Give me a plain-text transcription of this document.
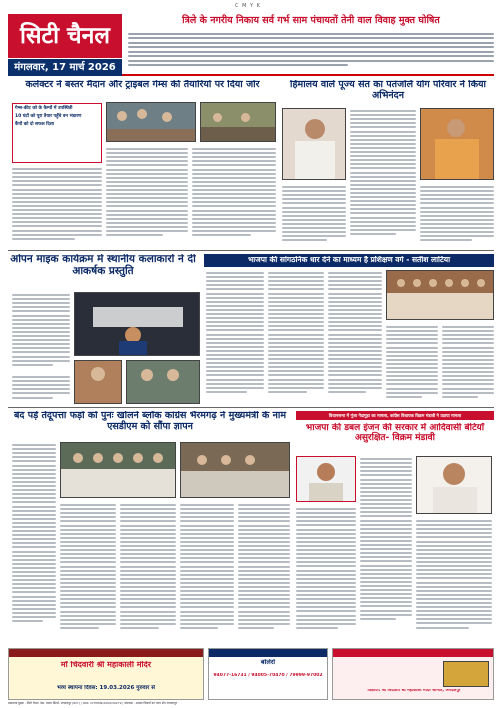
C M Y K
सिटी चैनल
मंगलवार, 17 मार्च 2026
त्रिले के नगरीय निकाय सर्व गर्भ साम पंचायतों तेनी वाल विवाह मुक्त घोषित
कलेक्टर ने बस्तर मैदान और ट्राइबल गेम्स की तैयारियों पर दिया जोर	हिमालय वाले पूज्य संत का पतंजलि योग परिवार ने किया अभिनंदन
गेम्स-कीट को के कैम्पों में उपस्थिती
10 घंटों को पूरा तैयार पहुँचे वन भंडारण
कैंपों को दो सफल दिशा
ओपन माइक कार्यक्रम में स्थानीय कलाकारों ने दी आकर्षक प्रस्तुति
भाजपा की सांगठनिक धार देने का माध्यम है प्रशिक्षण वर्ग - सतीश लाटिया
बंद पड़े तेंदूपत्ता फड़ों को पुनः खोलने ब्लॉक कांग्रेस भैरमगढ़ ने मुख्यमंत्री के नाम एसडीएम को सौंपा ज्ञापन
विधानसभा में गूंजा गेदा‌गुड़ा का मामला, कांग्रेस विधायक विक्रम मंडावी ने उठाया मामला
भाजपा की डबल इंजन की सरकार में आदिवासी बेटियाँ असुरक्षित- विक्रम मंडावी
माँ चिंदवारी श्री महाकाली मंदिर
भव्य स्थापना दिवस: 19.03.2026 गुरुवार से
बोलेरो
94077-16731 / 94005-70470 / 79999-97002
विज्ञप्ति: श्री चिंदवारी श्री महाकाली मंदिर समिति, जगदलपुर
प्रकाशक मुद्रक - सिटी चैनल, प्रेस: बस्तर प्रिंटर्स, जगदलपुर (छ.ग.) | RNI: CHHHIN/2009/30279 | संपादक - समस्त विवादों का न्याय क्षेत्र जगदलपुर
